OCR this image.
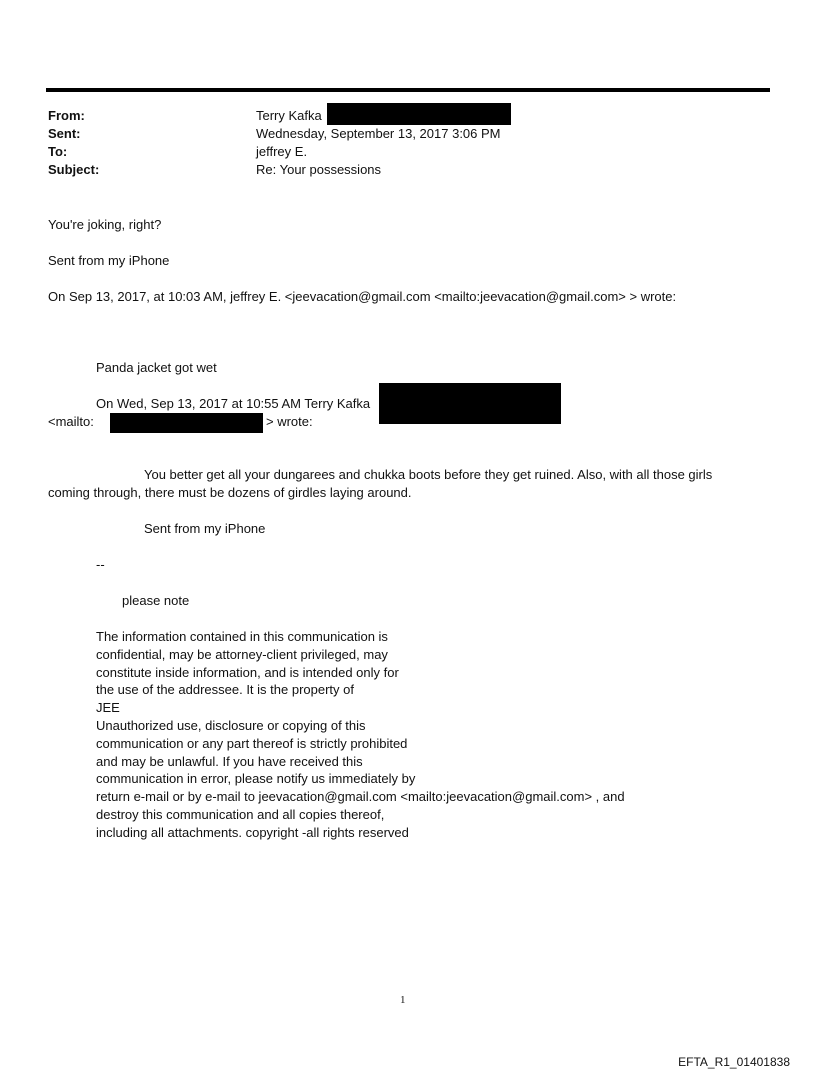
From:	Terry Kafka
Sent:	Wednesday, September 13, 2017 3:06 PM
To:	jeffrey E.
Subject:	Re: Your possessions
You're joking, right?
Sent from my iPhone
On Sep 13, 2017, at 10:03 AM, jeffrey E. <jeevacation@gmail.com <mailto:jeevacation@gmail.com> > wrote:
Panda jacket got wet
On Wed, Sep 13, 2017 at 10:55 AM Terry Kafka
<mailto:	> wrote:
You better get all your dungarees and chukka boots before they get ruined. Also, with all those girls
coming through, there must be dozens of girdles laying around.
Sent from my iPhone
--
please note
The information contained in this communication is
confidential, may be attorney-client privileged, may
constitute inside information, and is intended only for
the use of the addressee. It is the property of
JEE
Unauthorized use, disclosure or copying of this
communication or any part thereof is strictly prohibited
and may be unlawful. If you have received this
communication in error, please notify us immediately by
return e-mail or by e-mail to jeevacation@gmail.com <mailto:jeevacation@gmail.com> , and
destroy this communication and all copies thereof,
including all attachments. copyright -all rights reserved
1
EFTA_R1_01401838
